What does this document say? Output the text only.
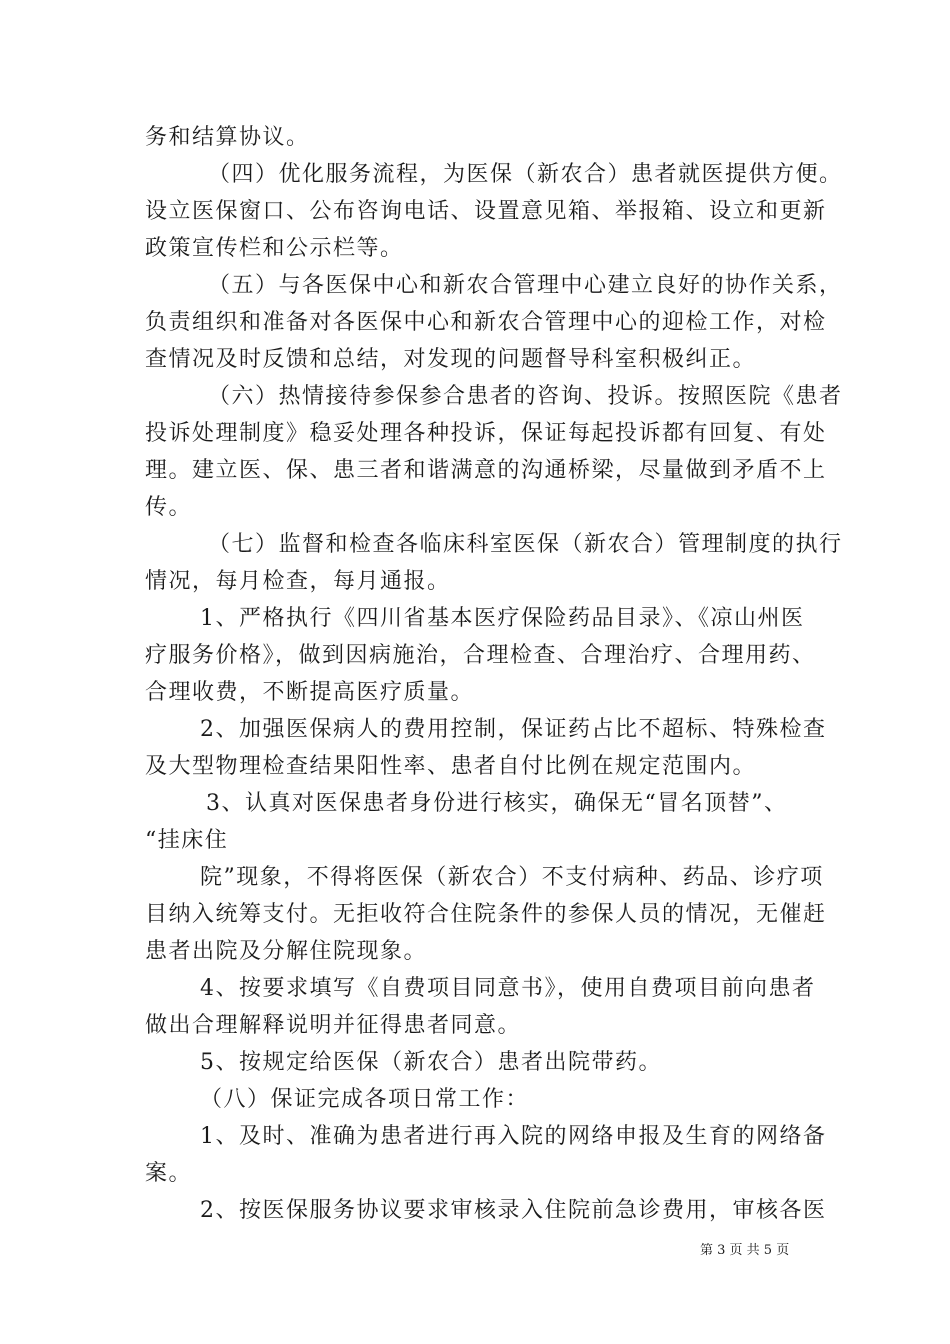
务和结算协议。
（四）优化服务流程，为医保（新农合）患者就医提供方便。
设立医保窗口、公布咨询电话、设置意见箱、举报箱、设立和更新
政策宣传栏和公示栏等。
（五）与各医保中心和新农合管理中心建立良好的协作关系，
负责组织和准备对各医保中心和新农合管理中心的迎检工作，对检
查情况及时反馈和总结，对发现的问题督导科室积极纠正。
（六）热情接待参保参合患者的咨询、投诉。按照医院《患者
投诉处理制度》稳妥处理各种投诉，保证每起投诉都有回复、有处
理。建立医、保、患三者和谐满意的沟通桥梁，尽量做到矛盾不上
传。
（七）监督和检查各临床科室医保（新农合）管理制度的执行
情况，每月检查，每月通报。
1、严格执行《四川省基本医疗保险药品目录》、《凉山州医
疗服务价格》，做到因病施治，合理检查、合理治疗、合理用药、
合理收费，不断提高医疗质量。
2、加强医保病人的费用控制，保证药占比不超标、特殊检查
及大型物理检查结果阳性率、患者自付比例在规定范围内。
3、认真对医保患者身份进行核实，确保无“冒名顶替”、
“挂床住
院”现象，不得将医保（新农合）不支付病种、药品、诊疗项
目纳入统筹支付。无拒收符合住院条件的参保人员的情况，无催赶
患者出院及分解住院现象。
4、按要求填写《自费项目同意书》，使用自费项目前向患者
做出合理解释说明并征得患者同意。
5、按规定给医保（新农合）患者出院带药。
（八）保证完成各项日常工作：
1、及时、准确为患者进行再入院的网络申报及生育的网络备
案。
2、按医保服务协议要求审核录入住院前急诊费用，审核各医
第 3 页 共 5 页
